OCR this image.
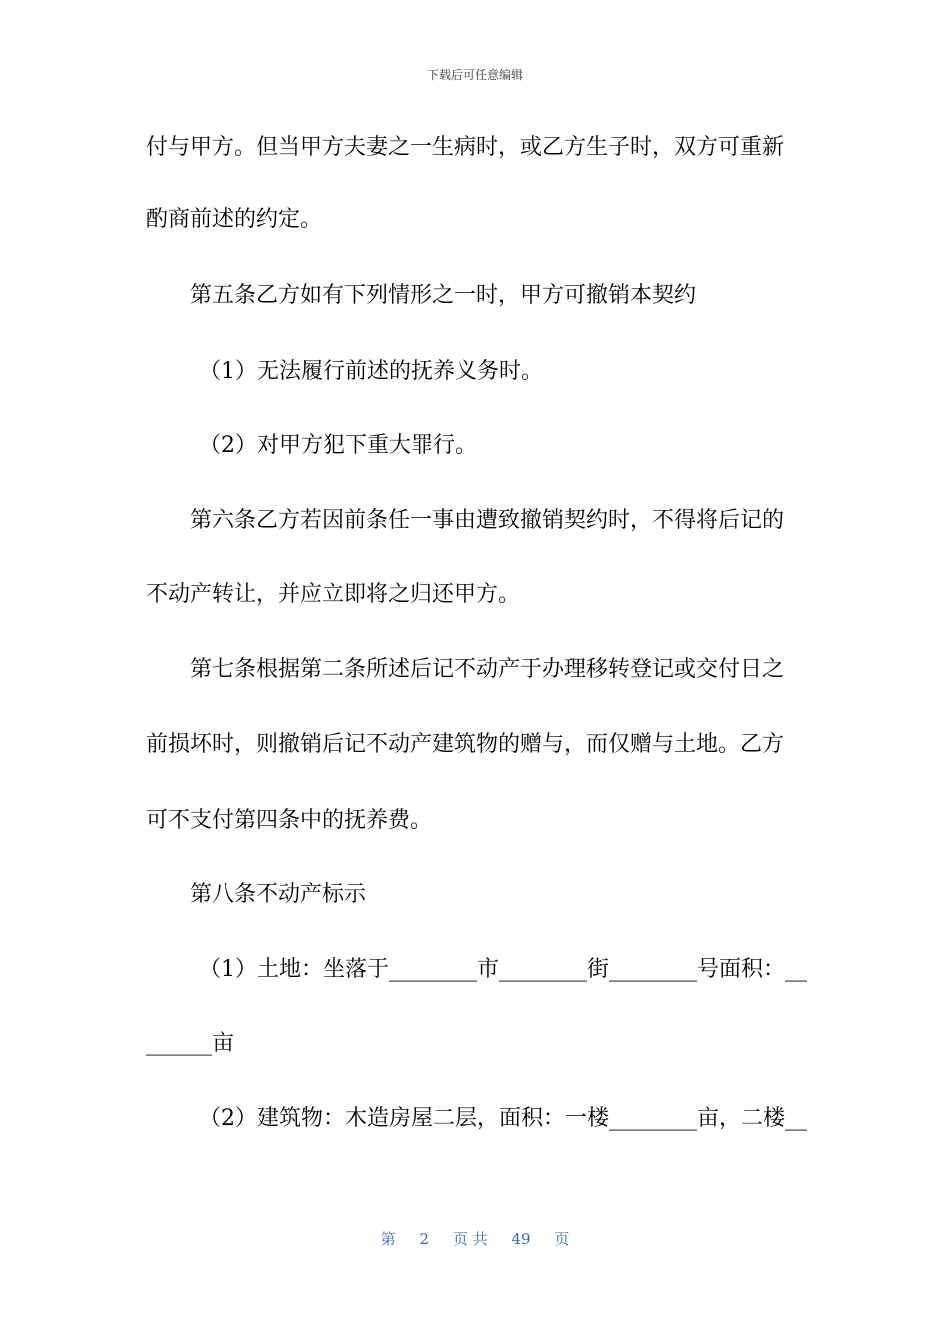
下载后可任意编辑
付与甲方。但当甲方夫妻之一生病时，或乙方生子时，双方可重新
酌商前述的约定。
第五条乙方如有下列情形之一时，甲方可撤销本契约
（1）无法履行前述的抚养义务时。
（2）对甲方犯下重大罪行。
第六条乙方若因前条任一事由遭致撤销契约时，不得将后记的
不动产转让，并应立即将之归还甲方。
第七条根据第二条所述后记不动产于办理移转登记或交付日之
前损坏时，则撤销后记不动产建筑物的赠与，而仅赠与土地。乙方
可不支付第四条中的抚养费。
第八条不动产标示
（1）土地：坐落于________市________街________号面积：__
______亩
（2）建筑物：木造房屋二层，面积：一楼________亩，二楼__
第 2 页 共 49 页
